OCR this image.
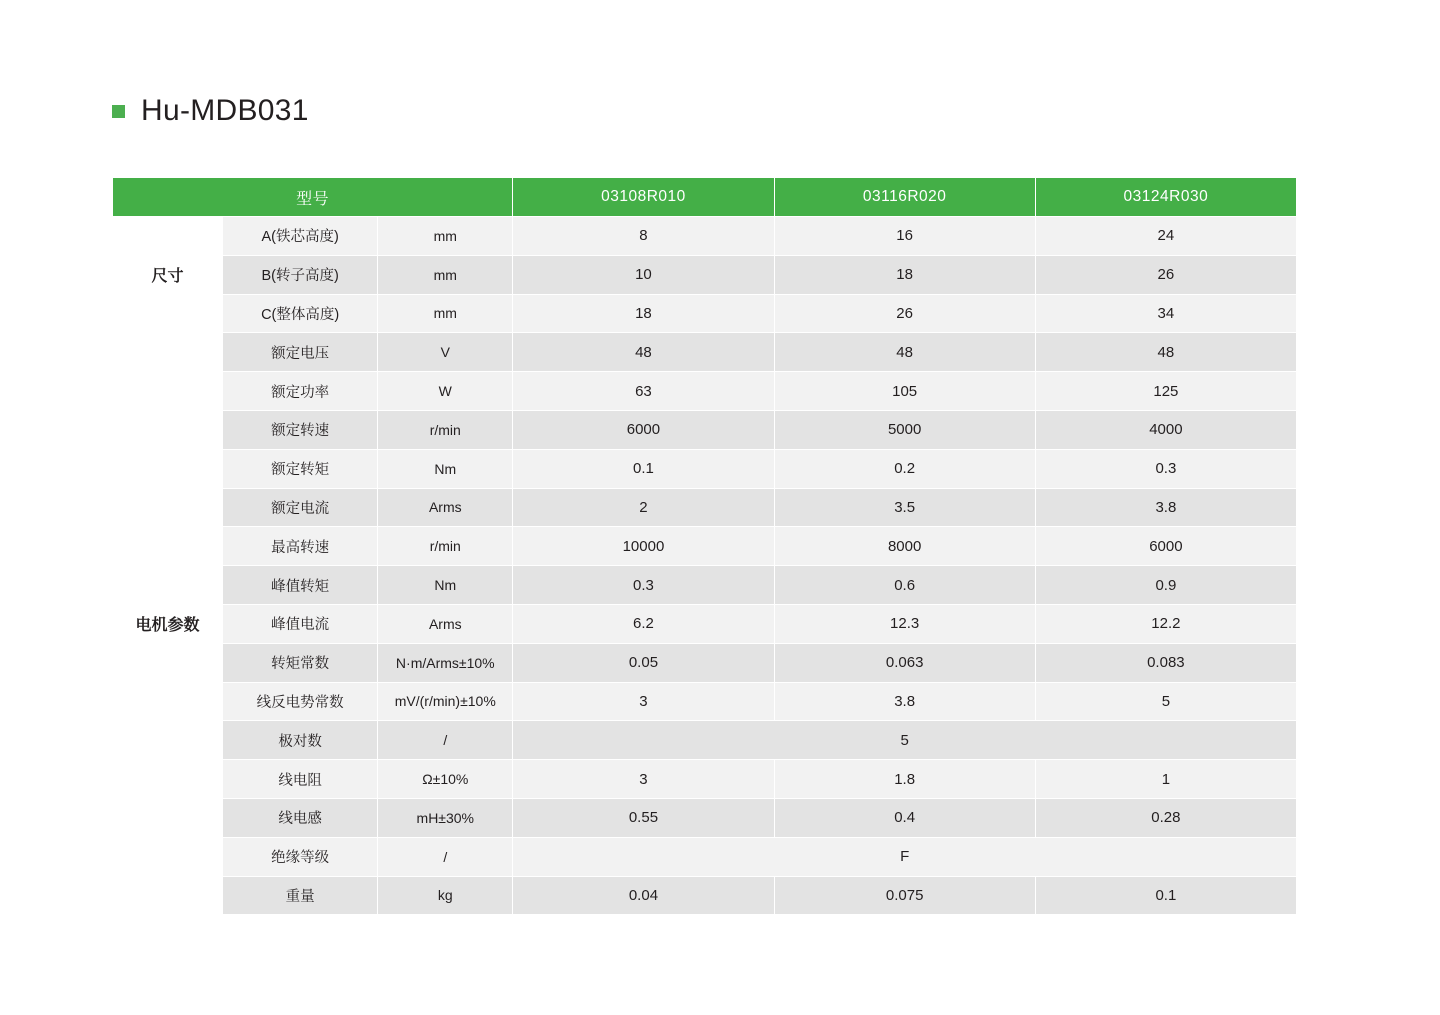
Hu-MDB031
型号			03108R010	03116R020	03124R030
尺寸	A(铁芯高度)	mm	8	16	24
	B(转子高度)	mm	10	18	26
	C(整体高度)	mm	18	26	34
电机参数	额定电压	V	48	48	48
	额定功率	W	63	105	125
	额定转速	r/min	6000	5000	4000
	额定转矩	Nm	0.1	0.2	0.3
	额定电流	Arms	2	3.5	3.8
	最高转速	r/min	10000	8000	6000
	峰值转矩	Nm	0.3	0.6	0.9
	峰值电流	Arms	6.2	12.3	12.2
	转矩常数	N·m/Arms±10%	0.05	0.063	0.083
	线反电势常数	mV/(r/min)±10%	3	3.8	5
	极对数	/	5		
	线电阻	Ω±10%	3	1.8	1
	线电感	mH±30%	0.55	0.4	0.28
	绝缘等级	/	F		
	重量	kg	0.04	0.075	0.1
